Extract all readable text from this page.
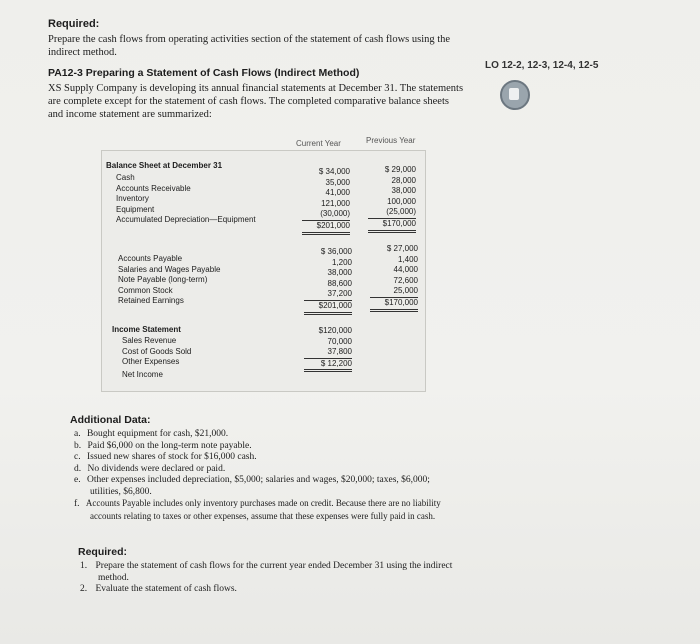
Required:
Prepare the cash flows from operating activities section of the statement of cash flows using the
indirect method.
PA12-3 Preparing a Statement of Cash Flows (Indirect Method)
LO 12-2, 12-3, 12-4, 12-5
XS Supply Company is developing its annual financial statements at December 31. The statements
are complete except for the statement of cash flows. The completed comparative balance sheets
and income statement are summarized:
Current Year	Previous Year
Balance Sheet at December 31
Cash
Accounts Receivable
Inventory
Equipment
Accumulated Depreciation—Equipment
$ 34,000
35,000
41,000
121,000
(30,000)
$201,000
$ 29,000
28,000
38,000
100,000
(25,000)
$170,000
Accounts Payable
Salaries and Wages Payable
Note Payable (long-term)
Common Stock
Retained Earnings
$ 36,000
1,200
38,000
88,600
37,200
$201,000
$ 27,000
1,400
44,000
72,600
25,000
$170,000
Income Statement
Sales Revenue
Cost of Goods Sold
Other Expenses
Net Income
$120,000
70,000
37,800
$ 12,200
Additional Data:
a. Bought equipment for cash, $21,000.
b. Paid $6,000 on the long-term note payable.
c. Issued new shares of stock for $16,000 cash.
d. No dividends were declared or paid.
e. Other expenses included depreciation, $5,000; salaries and wages, $20,000; taxes, $6,000;
utilities, $6,800.
f. Accounts Payable includes only inventory purchases made on credit. Because there are no liability
accounts relating to taxes or other expenses, assume that these expenses were fully paid in cash.
Required:
1. Prepare the statement of cash flows for the current year ended December 31 using the indirect
method.
2. Evaluate the statement of cash flows.
